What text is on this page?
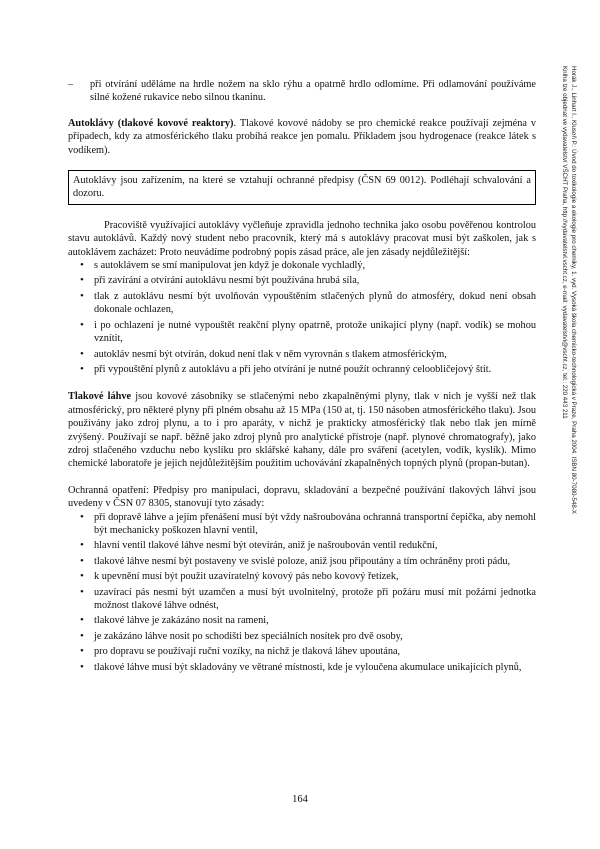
–	při otvírání uděláme na hrdle nožem na sklo rýhu a opatrně hrdlo odlomíme. Při odlamování používáme silné kožené rukavice nebo silnou tkaninu.

Autoklávy (tlakové kovové reaktory). Tlakové kovové nádoby se pro chemické reakce používají zejména v případech, kdy za atmosférického tlaku probíhá reakce jen pomalu. Příkladem jsou hydrogenace (reakce látek s vodíkem).

Autoklávy jsou zařízením, na které se vztahují ochranné předpisy (ČSN 69 0012). Podléhají schvalování a dozoru.

Pracoviště využívající autoklávy vyčleňuje zpravidla jednoho technika jako osobu pověřenou kontrolou stavu autoklávů. Každý nový student nebo pracovník, který má s autoklávy pracovat musí být zaškolen, jak s autoklávem zacházet: Proto neuvádíme podrobný popis zásad práce, ale jen zásady nejdůležitější:

• s autoklávem se smí manipulovat jen když je dokonale vychladlý,
• při zavírání a otvírání autoklávu nesmí být používána hrubá síla,
• tlak z autoklávu nesmí být uvolňován vypouštěním stlačených plynů do atmosféry, dokud není obsah dokonale ochlazen,
• i po ochlazení je nutné vypouštět reakční plyny opatrně, protože unikající plyny (např. vodík) se mohou vznítit,
• autokláv nesmí být otvírán, dokud není tlak v něm vyrovnán s tlakem atmosférickým,
• při vypouštění plynů z autoklávu a při jeho otvírání je nutné použít ochranný celoobličejový štít.

Tlakové láhve jsou kovové zásobníky se stlačenými nebo zkapalněnými plyny, tlak v nich je vyšší než tlak atmosférický, pro některé plyny při plném obsahu až 15 MPa (150 at, tj. 150 násoben atmosférického tlaku). Jsou používány jako zdroj plynu, a to i pro aparáty, v nichž je prakticky atmosférický tlak nebo tlak jen mírně zvýšený. Používají se např. běžně jako zdroj plynů pro analytické přístroje (např. plynové chromatografy), jako zdroj stlačeného vzduchu nebo kyslíku pro sklářské kahany, dále pro sváření (acetylen, vodík, kyslík). Mimo chemické laboratoře je jejich nejdůležitějším použitím uchovávání zkapalněných topných plynů (propan-butan).

Ochranná opatření: Předpisy pro manipulaci, dopravu, skladování a bezpečné používání tlakových láhví jsou uvedeny v ČSN 07 8305, stanovují tyto zásady:

• při dopravě láhve a jejím přenášení musí být vždy našroubována ochranná transportní čepička, aby nemohl být mechanicky poškozen hlavní ventil,
• hlavní ventil tlakové láhve nesmí být otevírán, aniž je našroubován ventil redukční,
• tlakové láhve nesmí být postaveny ve svislé poloze, aniž jsou připoutány a tím ochráněny proti pádu,
• k upevnění musí být použit uzavíratelný kovový pás nebo kovový řetízek,
• uzavírací pás nesmí být uzamčen a musí být uvolnitelný, protože při požáru musí mít požární jednotka možnost tlakové láhve odnést,
• tlakové láhve je zakázáno nosit na rameni,
• je zakázáno láhve nosit po schodišti bez speciálních nosítek pro dvě osoby,
• pro dopravu se používají ruční vozíky, na nichž je tlaková láhev upoutána,
• tlakové láhve musí být skladovány ve větrané místnosti, kde je vyloučena akumulace unikajících plynů,
164
Horák J., Linhart I., Klusoň P.: Úvod do toxikologie a ekologie pro chemiky, 1. vyd. Vysoká škola chemicko-technologická v Praze, Praha 2004. ISBN 80-7080-548-X
Kniha lze objednat ve vydavatelství VŠCHT Praha, http://vydavatelstvi.vscht.cz, e-mail: vydavatelstvi@vscht.cz, tel.: 220 443 211
